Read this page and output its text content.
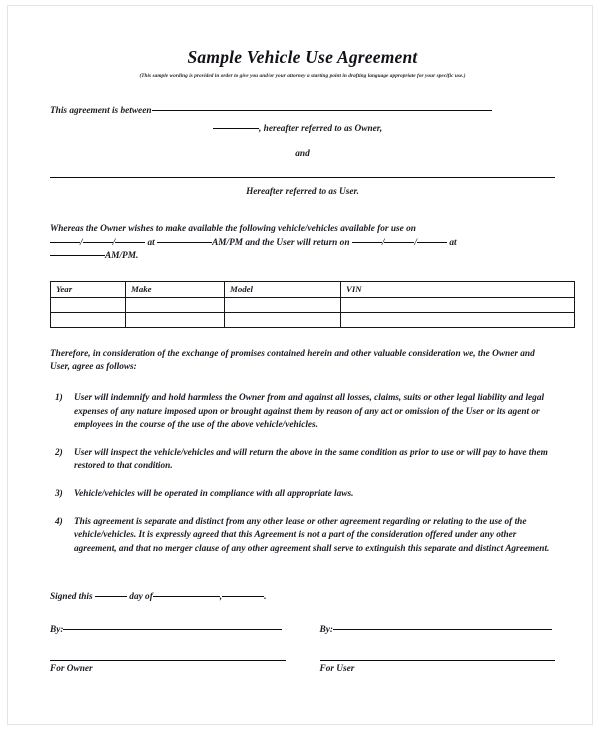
Sample Vehicle Use Agreement
(This sample wording is provided in order to give you and/or your attorney a starting point in drafting language appropriate for your specific use.)
This agreement is between
, hereafter referred to as Owner,
and
Hereafter referred to as User.
Whereas the Owner wishes to make available the following vehicle/vehicles available for use on
/	/	at	AM/PM and the User will return on	/	/	at
AM/PM.
Year	Make	Model	VIN

Therefore, in consideration of the exchange of promises contained herein and other valuable consideration we, the Owner and User, agree as follows:
1)	User will indemnify and hold harmless the Owner from and against all losses, claims, suits or other legal liability and legal expenses of any nature imposed upon or brought against them by reason of any act or omission of the User or its agent or employees in the course of the use of the above vehicle/vehicles.
2)	User will inspect the vehicle/vehicles and will return the above in the same condition as prior to use or will pay to have them restored to that condition.
3)	Vehicle/vehicles will be operated in compliance with all appropriate laws.
4)	This agreement is separate and distinct from any other lease or other agreement regarding or relating to the use of the vehicle/vehicles. It is expressly agreed that this Agreement is not a part of the consideration offered under any other agreement, and that no merger clause of any other agreement shall serve to extinguish this separate and distinct Agreement.
Signed this	day of	,	.
By:
For Owner
By:
For User
